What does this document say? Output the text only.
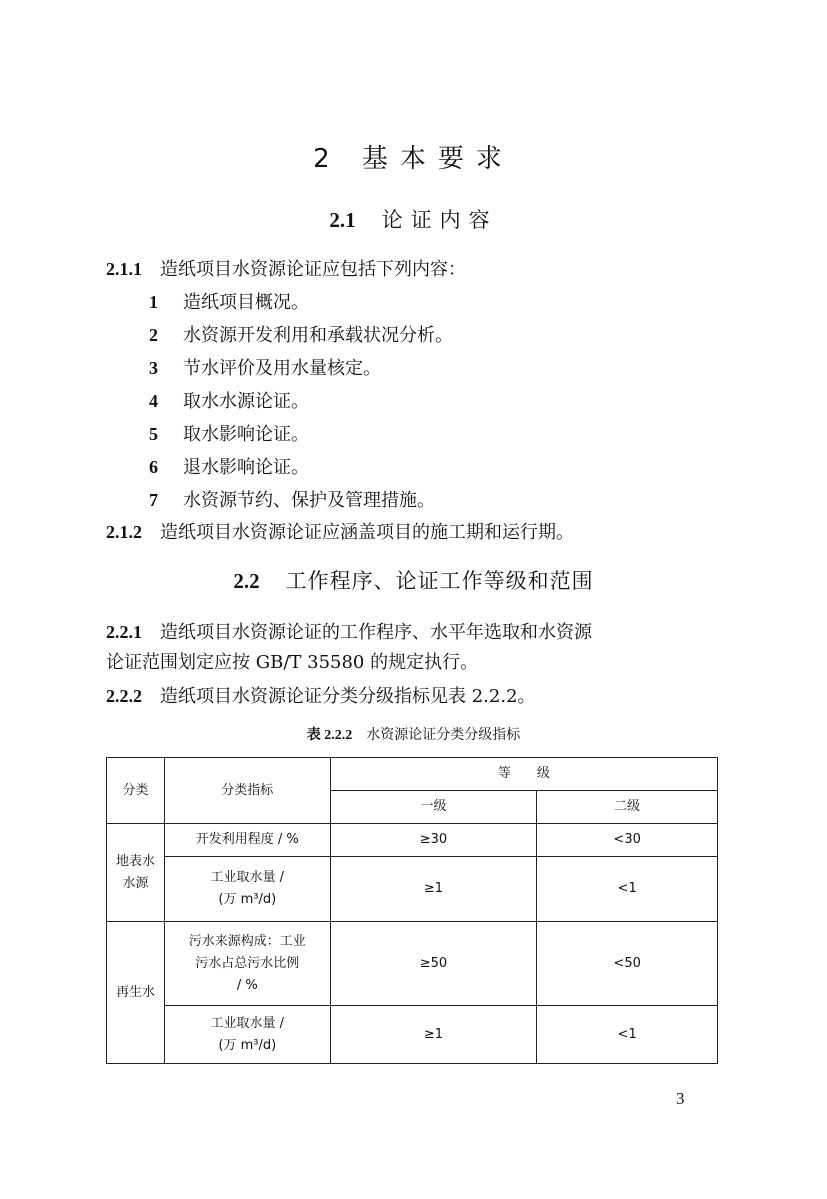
2 基本要求
2.1 论证内容
2.1.1　 造纸项目水资源论证应包括下列内容：
1 造纸项目概况。
2 水资源开发利用和承载状况分析。
3 节水评价及用水量核定。
4 取水水源论证。
5 取水影响论证。
6 退水影响论证。
7 水资源节约、保护及管理措施。
2.1.2　 造纸项目水资源论证应涵盖项目的施工期和运行期。
2.2 工作程序、论证工作等级和范围
2.2.1　 造纸项目水资源论证的工作程序、水平年选取和水资源
论证范围划定应按 GB/T 35580 的规定执行。
2.2.2　 造纸项目水资源论证分类分级指标见表 2.2.2。
表 2.2.2 水资源论证分类分级指标
分类	分类指标	等　　级	
		一级	二级

地表水
水源	开发利用程度 / %	≥30	<30

	工业取水量 /
(万 m³/d)	≥1	<1
再生水	污水来源构成：工业
污水占总污水比例
/ %	≥50	<50

	工业取水量 /
(万 m³/d)	≥1	<1
3
